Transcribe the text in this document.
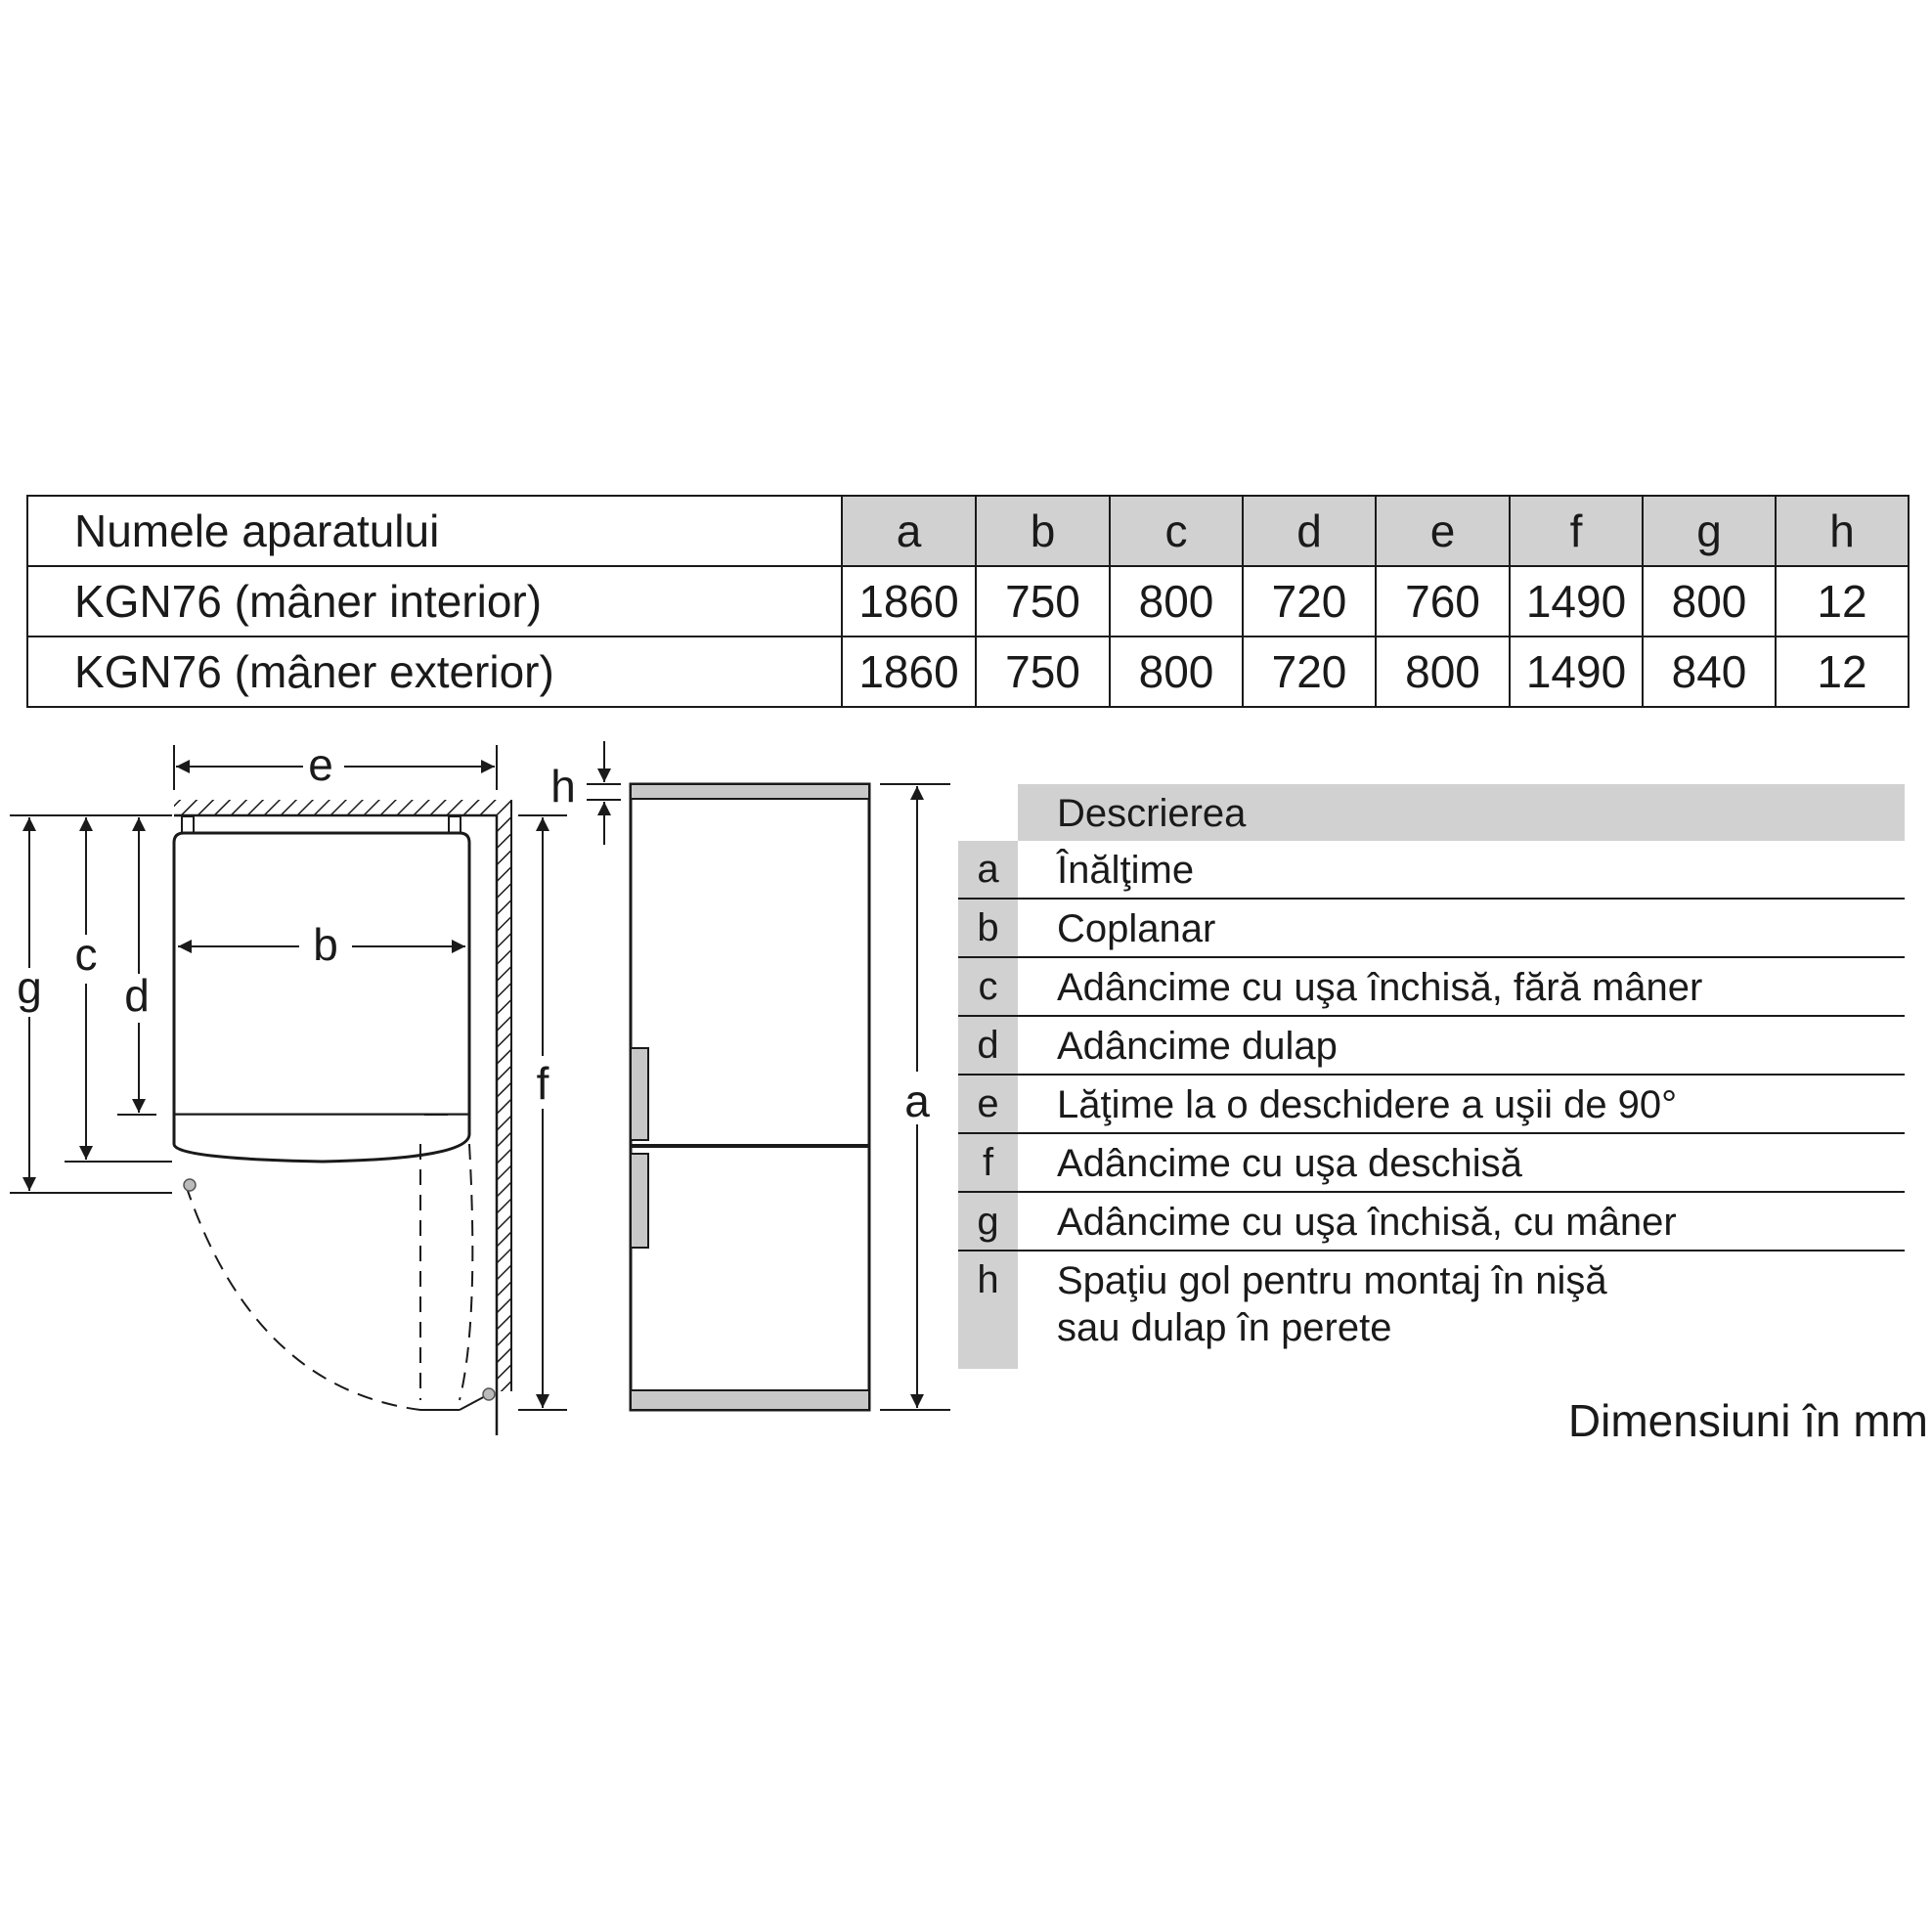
Numele aparatului	a	b	c	d	e	f	g	h
KGN76 (mâner interior)	1860	750	800	720	760	1490	800	12
KGN76 (mâner exterior)	1860	750	800	720	800	1490	840	12
e
b
g
c
d
f
h
a
Descrierea
a	Înălţime
b	Coplanar
c	Adâncime cu uşa închisă, fără mâner
d	Adâncime dulap
e	Lăţime la o deschidere a uşii de 90°
f	Adâncime cu uşa deschisă
g	Adâncime cu uşa închisă, cu mâner
h	Spaţiu gol pentru montaj în nişă
sau dulap în perete
Dimensiuni în mm
